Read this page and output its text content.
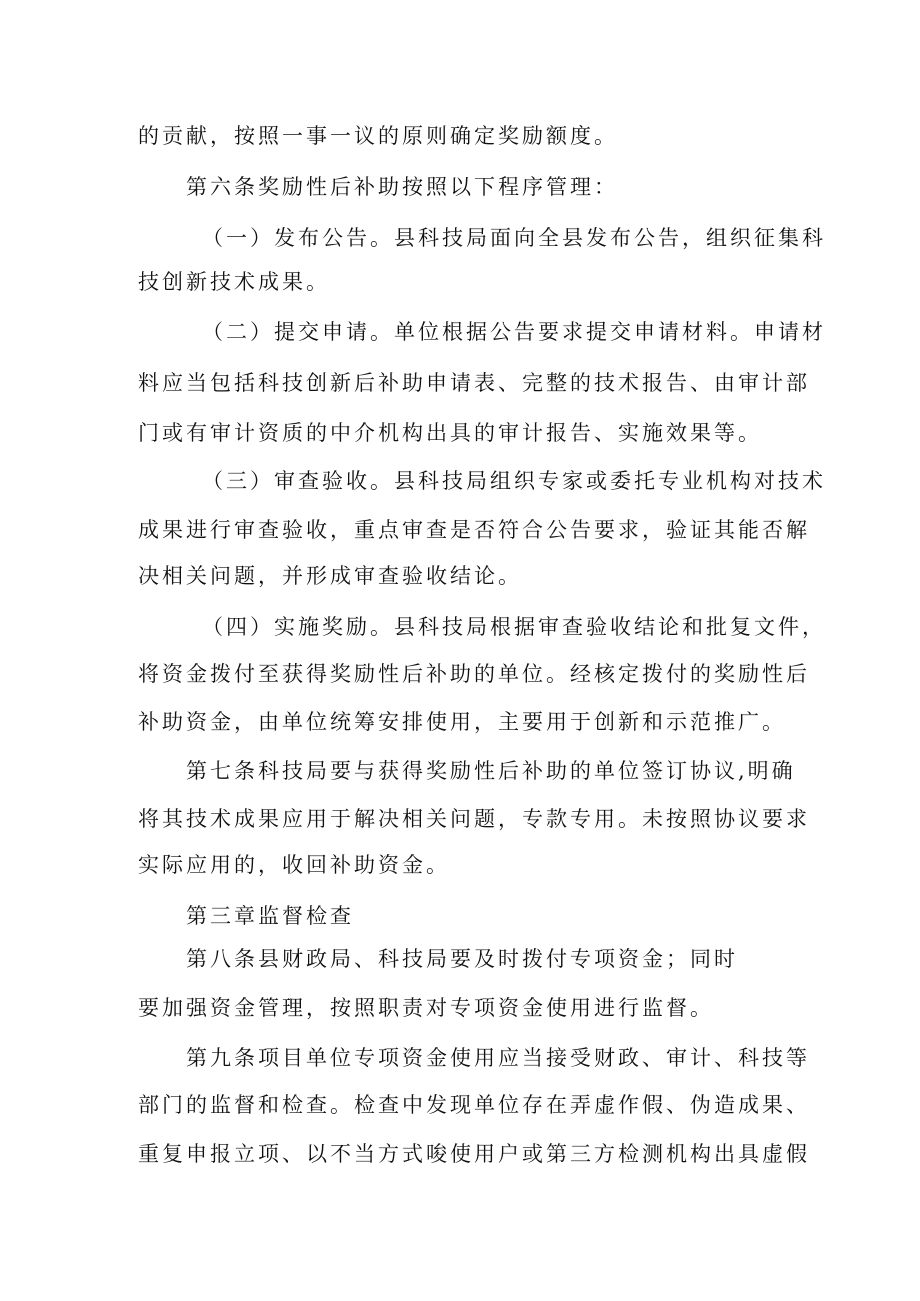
的贡献，按照一事一议的原则确定奖励额度。
第六条奖励性后补助按照以下程序管理：
（一）发布公告。县科技局面向全县发布公告，组织征集科
技创新技术成果。
（二）提交申请。单位根据公告要求提交申请材料。申请材
料应当包括科技创新后补助申请表、完整的技术报告、由审计部
门或有审计资质的中介机构出具的审计报告、实施效果等。
（三）审查验收。县科技局组织专家或委托专业机构对技术
成果进行审查验收，重点审查是否符合公告要求，验证其能否解
决相关问题，并形成审查验收结论。
（四）实施奖励。县科技局根据审查验收结论和批复文件，
将资金拨付至获得奖励性后补助的单位。经核定拨付的奖励性后
补助资金，由单位统筹安排使用，主要用于创新和示范推广。
第七条科技局要与获得奖励性后补助的单位签订协议,明确
将其技术成果应用于解决相关问题，专款专用。未按照协议要求
实际应用的，收回补助资金。
第三章监督检查
第八条县财政局、科技局要及时拨付专项资金；同时
要加强资金管理，按照职责对专项资金使用进行监督。
第九条项目单位专项资金使用应当接受财政、审计、科技等
部门的监督和检查。检查中发现单位存在弄虚作假、伪造成果、
重复申报立项、以不当方式唆使用户或第三方检测机构出具虚假
